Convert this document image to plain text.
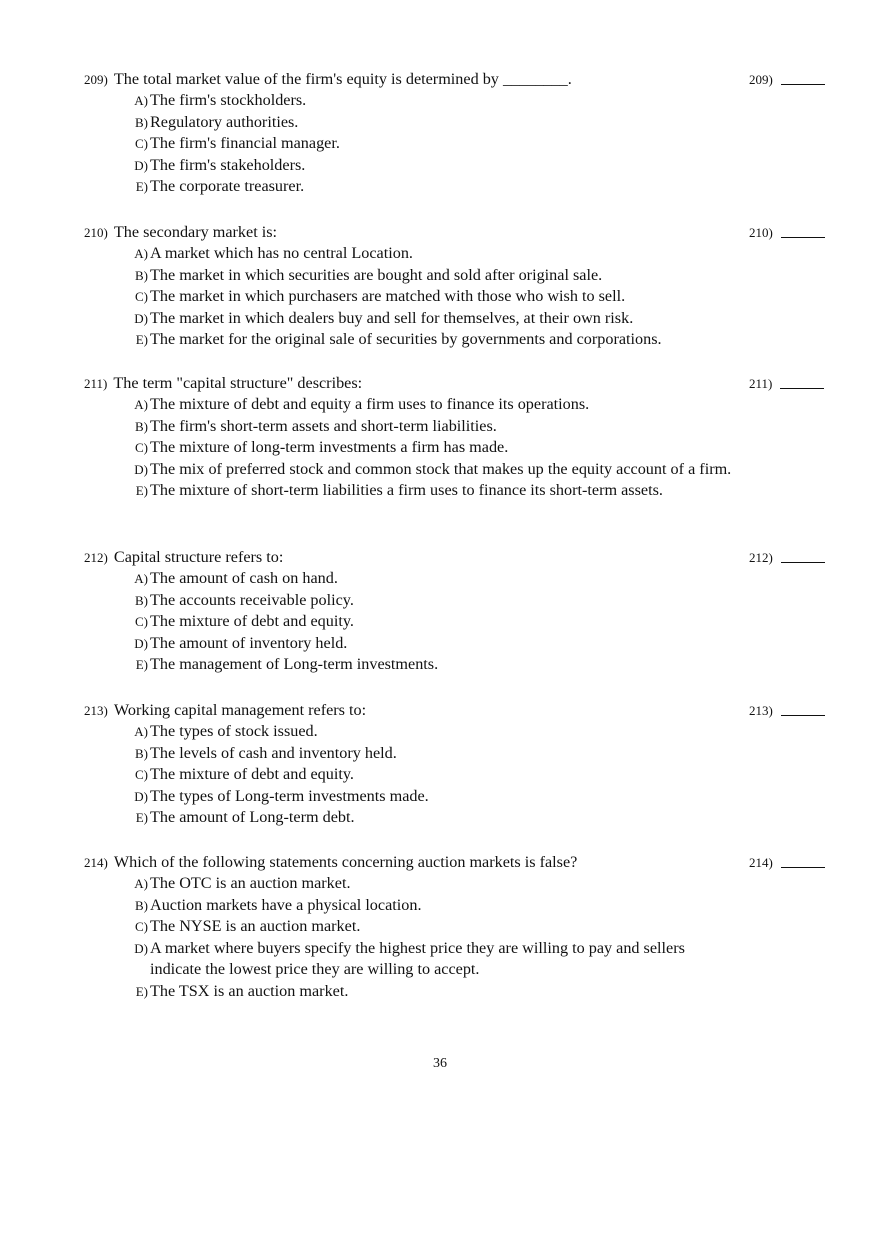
209) The total market value of the firm's equity is determined by ________.	209)
A) The firm's stockholders.
B) Regulatory authorities.
C) The firm's financial manager.
D) The firm's stakeholders.
E) The corporate treasurer.
210) The secondary market is:	210)
A) A market which has no central Location.
B) The market in which securities are bought and sold after original sale.
C) The market in which purchasers are matched with those who wish to sell.
D) The market in which dealers buy and sell for themselves, at their own risk.
E) The market for the original sale of securities by governments and corporations.
211) The term "capital structure" describes:	211)
A) The mixture of debt and equity a firm uses to finance its operations.
B) The firm's short-term assets and short-term liabilities.
C) The mixture of long-term investments a firm has made.
D) The mix of preferred stock and common stock that makes up the equity account of a firm.
E) The mixture of short-term liabilities a firm uses to finance its short-term assets.
212) Capital structure refers to:	212)
A) The amount of cash on hand.
B) The accounts receivable policy.
C) The mixture of debt and equity.
D) The amount of inventory held.
E) The management of Long-term investments.
213) Working capital management refers to:	213)
A) The types of stock issued.
B) The levels of cash and inventory held.
C) The mixture of debt and equity.
D) The types of Long-term investments made.
E) The amount of Long-term debt.
214) Which of the following statements concerning auction markets is false?	214)
A) The OTC is an auction market.
B) Auction markets have a physical location.
C) The NYSE is an auction market.
D) A market where buyers specify the highest price they are willing to pay and sellers indicate the lowest price they are willing to accept.
E) The TSX is an auction market.
36
